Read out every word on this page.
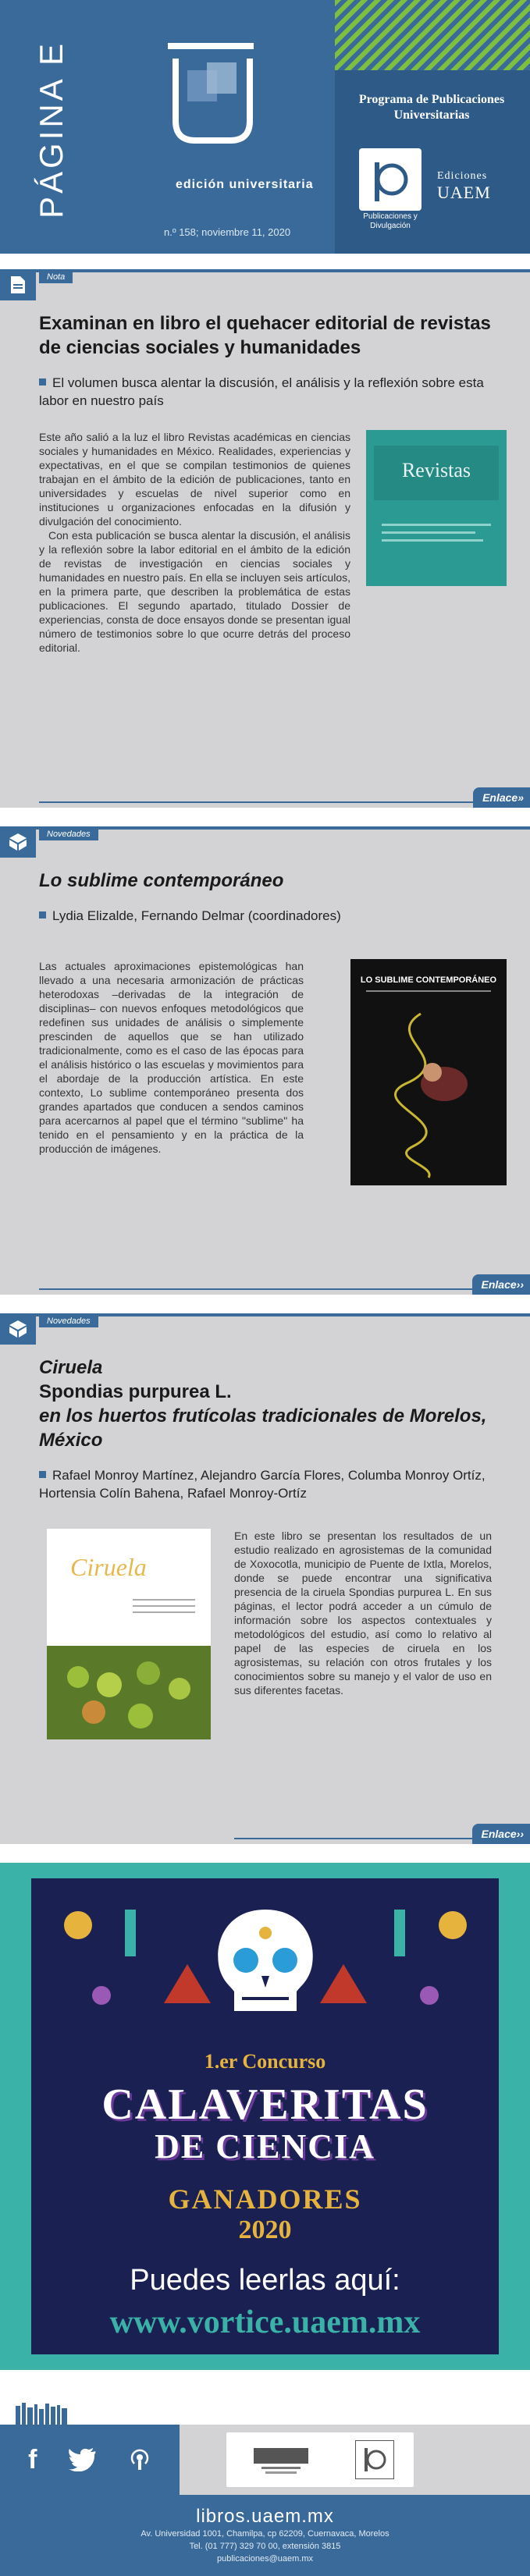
PÁGINA E	edición universitaria
n.º 158; noviembre 11, 2020
Programa de Publicaciones Universitarias
Publicaciones y Divulgación
Ediciones
UAEM
Nota
Examinan en libro el quehacer editorial de revistas de ciencias sociales y humanidades
El volumen busca alentar la discusión, el análisis y la reflexión sobre esta labor en nuestro país

Este año salió a la luz el libro Revistas académicas en ciencias sociales y humanidades en México. Realidades, experiencias y expectativas, en el que se compilan testimonios de quienes trabajan en el ámbito de la edición de publicaciones, tanto en universidades y escuelas de nivel superior como en instituciones u organizaciones enfocadas en la difusión y divulgación del conocimiento.

Con esta publicación se busca alentar la discusión, el análisis y la reflexión sobre la labor editorial en el ámbito de la edición de revistas de investigación en ciencias sociales y humanidades en nuestro país. En ella se incluyen seis artículos, en la primera parte, que describen la problemática de estas publicaciones. El segundo apartado, titulado Dossier de experiencias, consta de doce ensayos donde se presentan igual número de testimonios sobre lo que ocurre detrás del proceso editorial.

Revistas
Enlace»
Novedades
Lo sublime contemporáneo
Lydia Elizalde, Fernando Delmar (coordinadores)

Las actuales aproximaciones epistemológicas han llevado a una necesaria armonización de prácticas heterodoxas –derivadas de la integración de disciplinas– con nuevos enfoques metodológicos que redefinen sus unidades de análisis o simplemente prescinden de aquellos que se han utilizado tradicionalmente, como es el caso de las épocas para el análisis histórico o las escuelas y movimientos para el abordaje de la producción artística. En este contexto, Lo sublime contemporáneo presenta dos grandes apartados que conducen a sendos caminos para acercarnos al papel que el término "sublime" ha tenido en el pensamiento y en la práctica de la producción de imágenes.

LO SUBLIME CONTEMPORÁNEO
Enlace››
Novedades
Ciruela
Spondias purpurea L.
en los huertos frutícolas tradicionales de Morelos, México
Rafael Monroy Martínez, Alejandro García Flores, Columba Monroy Ortíz, Hortensia Colín Bahena, Rafael Monroy-Ortíz
Ciruela

En este libro se presentan los resultados de un estudio realizado en agrosistemas de la comunidad de Xoxocotla, municipio de Puente de Ixtla, Morelos, donde se puede encontrar una significativa presencia de la ciruela Spondias purpurea L. En sus páginas, el lector podrá acceder a un cúmulo de información sobre los aspectos contextuales y metodológicos del estudio, así como lo relativo al papel de las especies de ciruela en los agrosistemas, su relación con otros frutales y los conocimientos sobre su manejo y el valor de uso en sus diferentes facetas.

Enlace››
1.er Concurso
CALAVERITAS
DE CIENCIA
GANADORES
2020
Puedes leerlas aquí:
www.vortice.uaem.mx
f
libros.uaem.mx
Av. Universidad 1001, Chamilpa, cp 62209, Cuernavaca, Morelos
Tel. (01 777) 329 70 00, extensión 3815
publicaciones@uaem.mx
